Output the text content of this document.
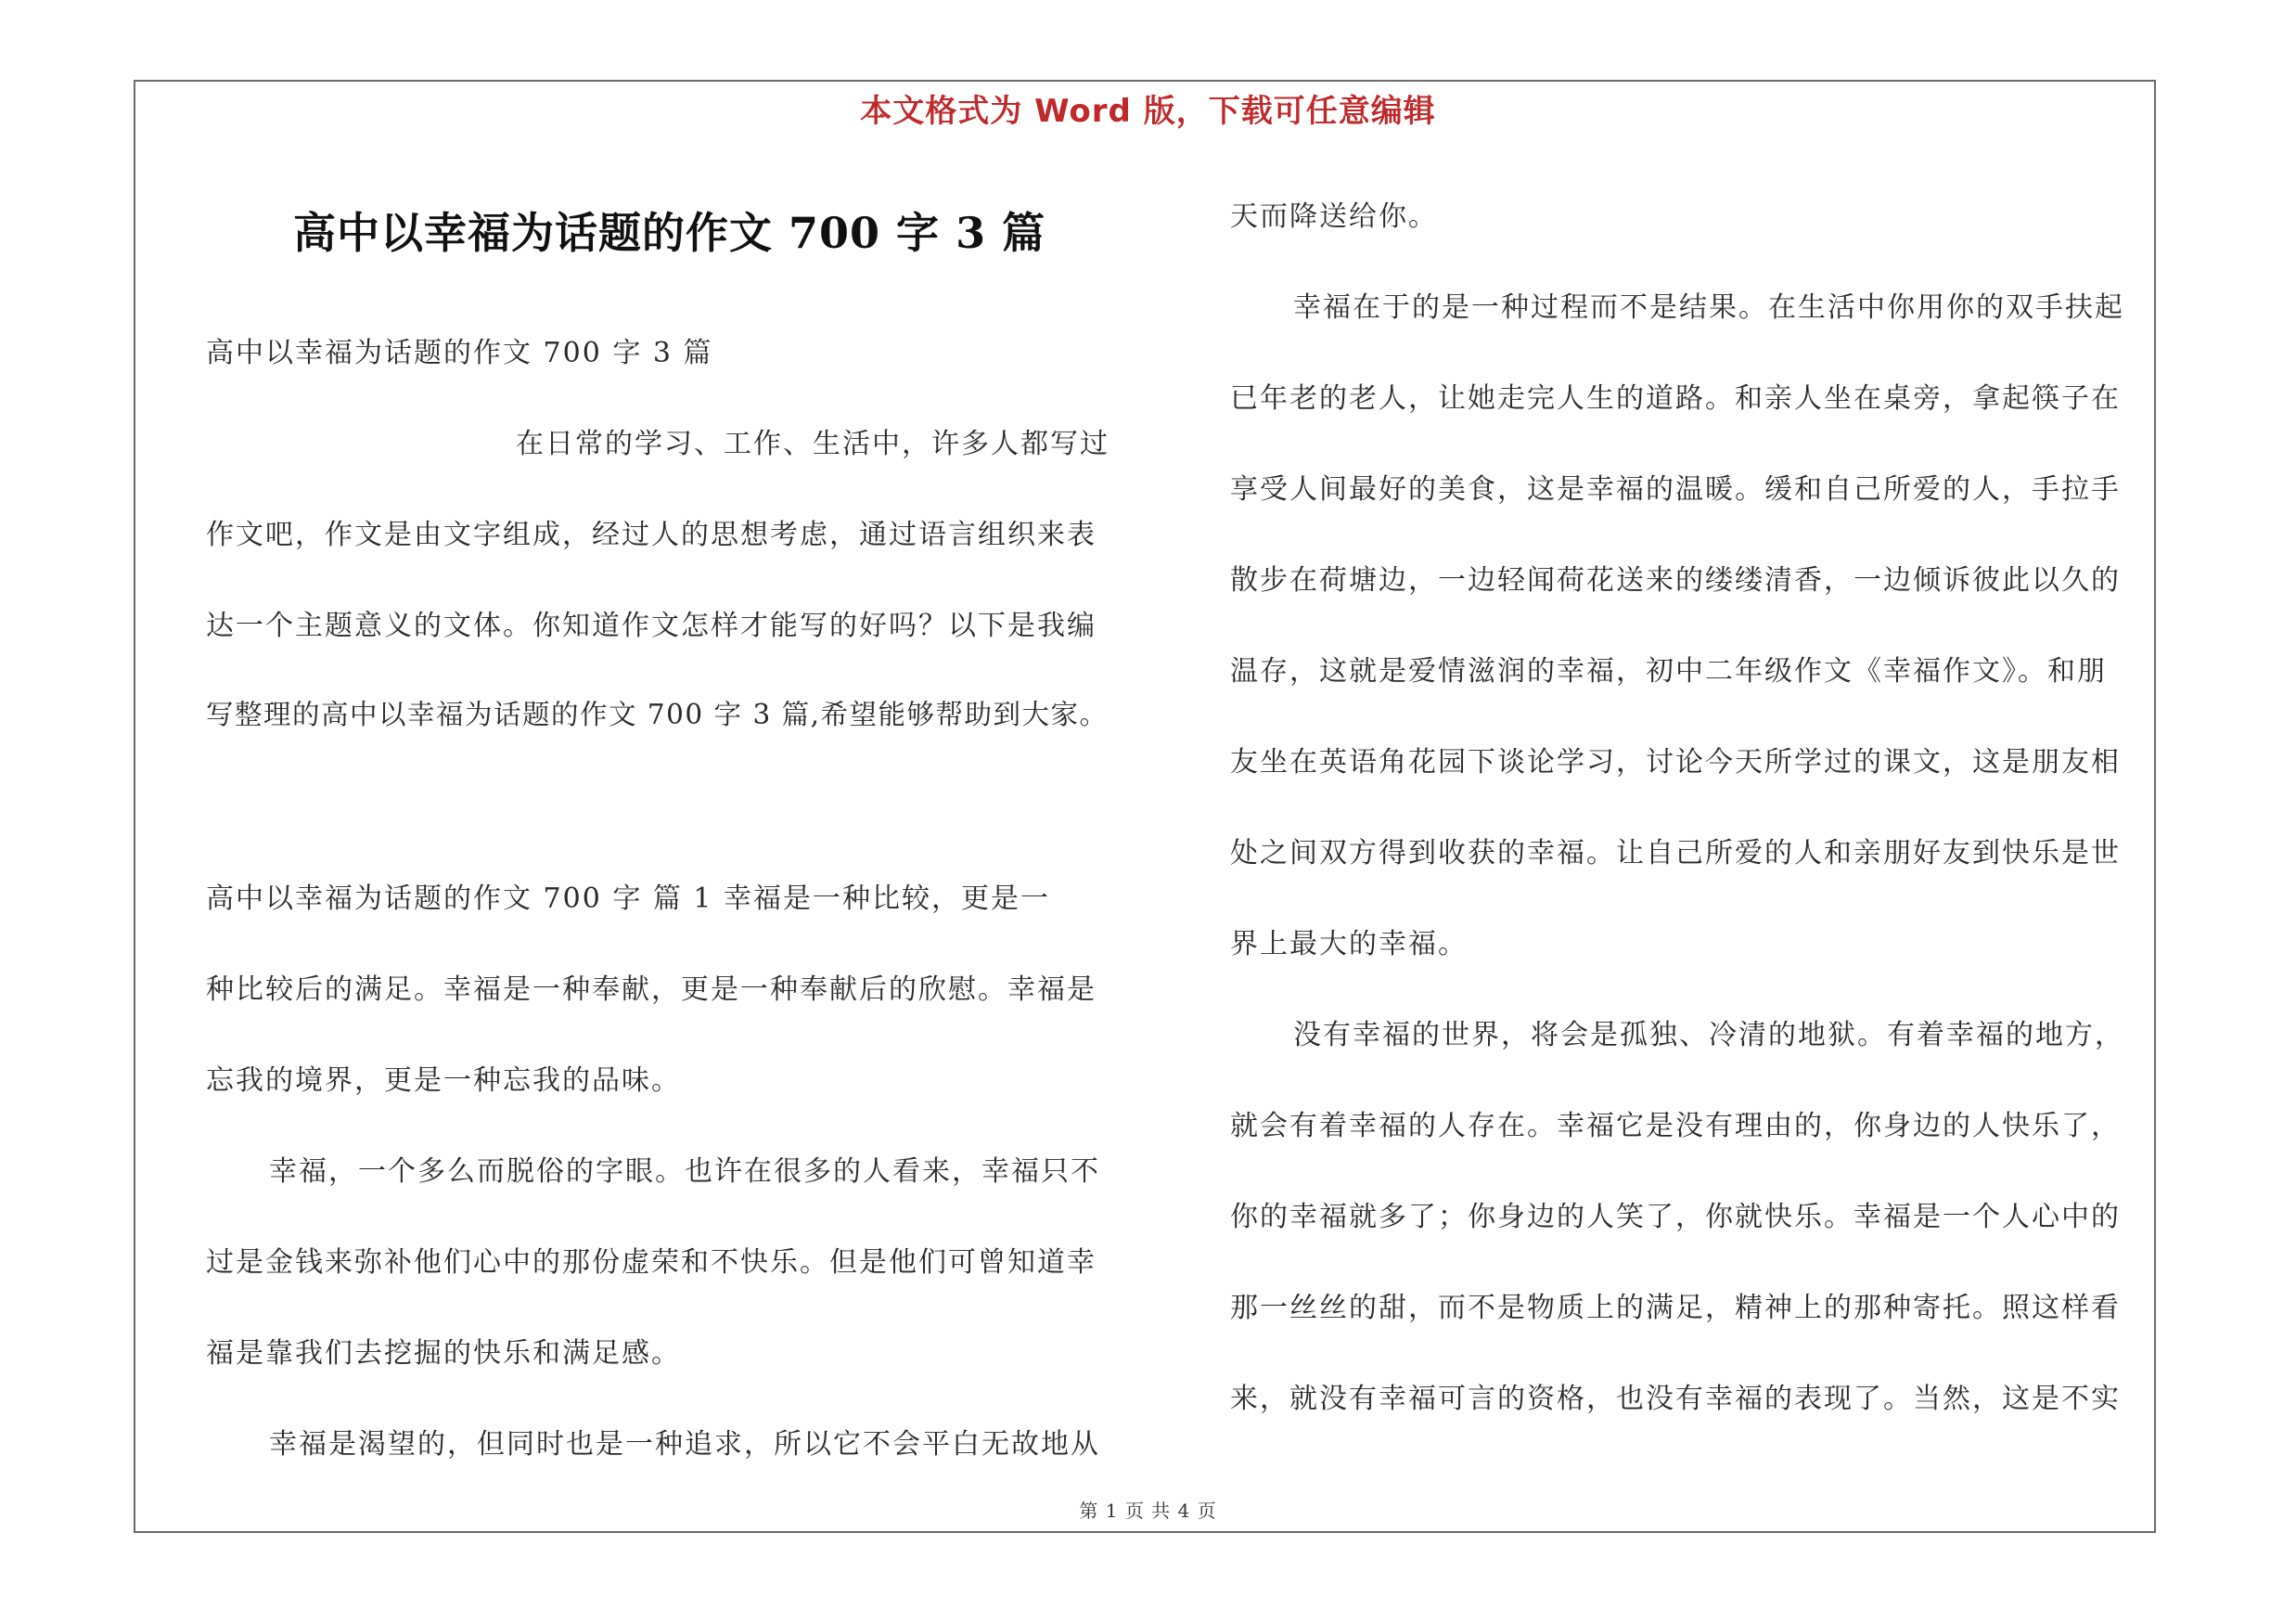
本文格式为 Word 版，下载可任意编辑
高中以幸福为话题的作文 700 字 3 篇
高中以幸福为话题的作文 700 字 3 篇
在日常的学习、工作、生活中，许多人都写过
作文吧，作文是由文字组成，经过人的思想考虑，通过语言组织来表
达一个主题意义的文体。你知道作文怎样才能写的好吗？以下是我编
写整理的高中以幸福为话题的作文 700 字 3 篇,希望能够帮助到大家。
高中以幸福为话题的作文 700 字 篇 1 幸福是一种比较，更是一
种比较后的满足。幸福是一种奉献，更是一种奉献后的欣慰。幸福是
忘我的境界，更是一种忘我的品味。
幸福，一个多么而脱俗的字眼。也许在很多的人看来，幸福只不
过是金钱来弥补他们心中的那份虚荣和不快乐。但是他们可曾知道幸
福是靠我们去挖掘的快乐和满足感。
幸福是渴望的，但同时也是一种追求，所以它不会平白无故地从
天而降送给你。
幸福在于的是一种过程而不是结果。在生活中你用你的双手扶起
已年老的老人，让她走完人生的道路。和亲人坐在桌旁，拿起筷子在
享受人间最好的美食，这是幸福的温暖。缓和自己所爱的人，手拉手
散步在荷塘边，一边轻闻荷花送来的缕缕清香，一边倾诉彼此以久的
温存，这就是爱情滋润的幸福，初中二年级作文《幸福作文》。和朋
友坐在英语角花园下谈论学习，讨论今天所学过的课文，这是朋友相
处之间双方得到收获的幸福。让自己所爱的人和亲朋好友到快乐是世
界上最大的幸福。
没有幸福的世界，将会是孤独、冷清的地狱。有着幸福的地方，
就会有着幸福的人存在。幸福它是没有理由的，你身边的人快乐了，
你的幸福就多了；你身边的人笑了，你就快乐。幸福是一个人心中的
那一丝丝的甜，而不是物质上的满足，精神上的那种寄托。照这样看
来，就没有幸福可言的资格，也没有幸福的表现了。当然，这是不实
第 1 页 共 4 页
